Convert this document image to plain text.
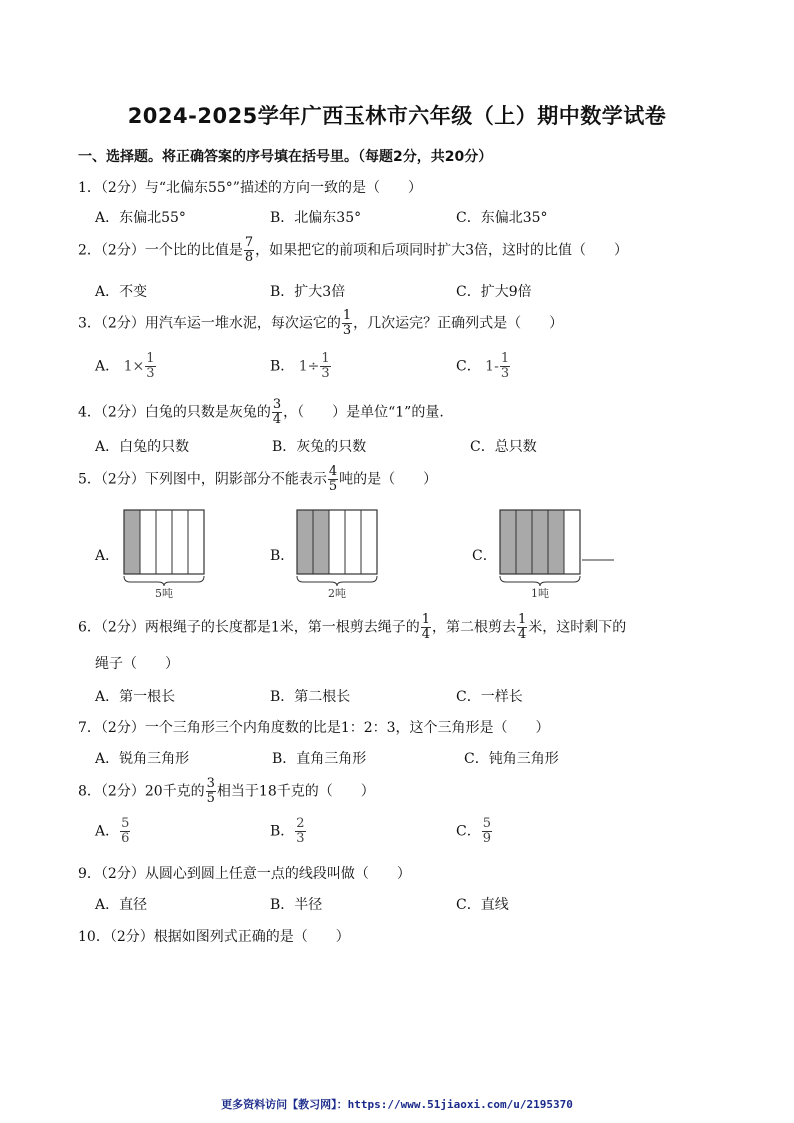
2024-2025学年广西玉林市六年级（上）期中数学试卷
一、选择题。将正确答案的序号填在括号里。（每题2分，共20分）
1．（2分）与“北偏东55°”描述的方向一致的是（　　）
A．东偏北55°	B．北偏东35°	C．东偏北35°
2．（2分）一个比的比值是 $\frac{7}{8}$ ，如果把它的前项和后项同时扩大3倍，这时的比值（　　）
A．不变	B．扩大3倍	C．扩大9倍
3．（2分）用汽车运一堆水泥，每次运它的 $\frac{1}{3}$ ，几次运完？正确列式是（　　）
A． $1\times \frac{1}{3}$	B． $1\div \frac{1}{3}$	C． $1- \frac{1}{3}$
4．（2分）白兔的只数是灰兔的 $\frac{3}{4}$ ，（　　）是单位“1”的量.
A．白兔的只数	B．灰兔的只数	C．总只数
5．（2分）下列图中，阴影部分不能表示 $\frac{4}{5}$ 吨的是（　　）
A．
5吨
B．
2吨
C．
1吨
6．（2分）两根绳子的长度都是1米，第一根剪去绳子的 $\frac{1}{4}$ ，第二根剪去 $\frac{1}{4}$ 米，这时剩下的
绳子（　　）
A．第一根长	B．第二根长	C．一样长
7．（2分）一个三角形三个内角度数的比是1：2：3，这个三角形是（　　）
A．锐角三角形	B．直角三角形	C．钝角三角形
8．（2分）20千克的 $\frac{3}{5}$ 相当于18千克的（　　）
A． $\frac{5}{6}$	B． $\frac{2}{3}$	C． $\frac{5}{9}$
9．（2分）从圆心到圆上任意一点的线段叫做（　　）
A．直径	B．半径	C．直线
10．（2分）根据如图列式正确的是（　　）
更多资料访问【教习网】：https://www.51jiaoxi.com/u/2195370
